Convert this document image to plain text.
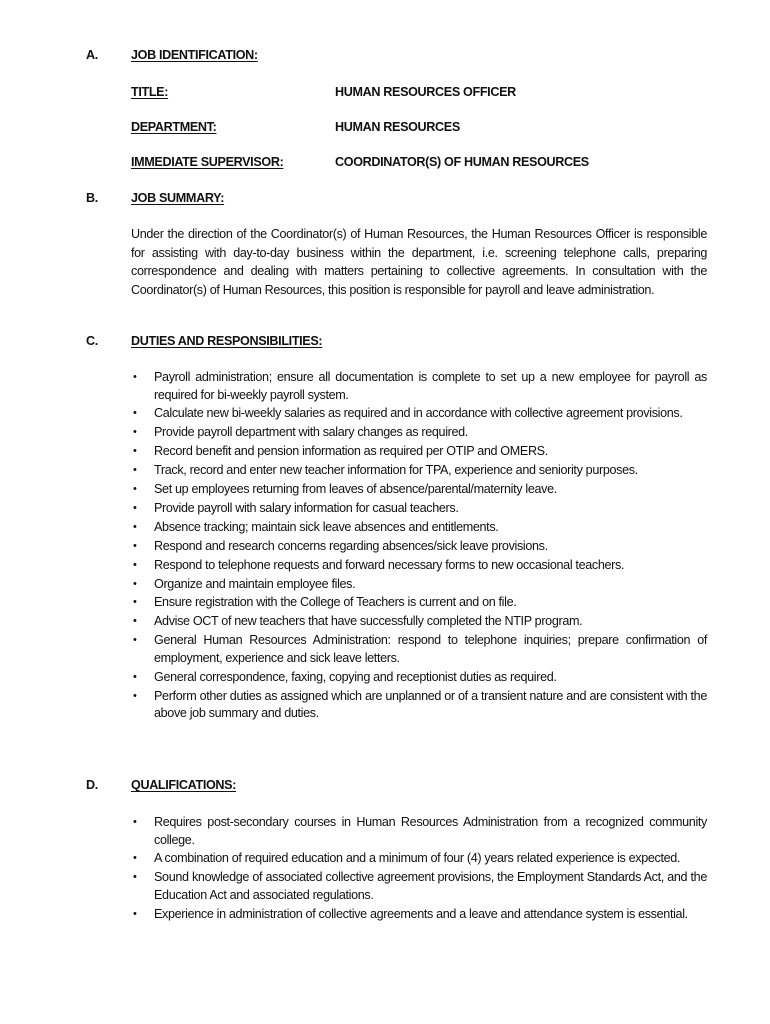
A.	JOB IDENTIFICATION:
TITLE:	HUMAN RESOURCES OFFICER
DEPARTMENT:	HUMAN RESOURCES
IMMEDIATE SUPERVISOR:	COORDINATOR(S) OF HUMAN RESOURCES
B.	JOB SUMMARY:

Under the direction of the Coordinator(s) of Human Resources, the Human Resources Officer is responsible for assisting with day-to-day business within the department, i.e. screening telephone calls, preparing correspondence and dealing with matters pertaining to collective agreements. In consultation with the Coordinator(s) of Human Resources, this position is responsible for payroll and leave administration.

C.	DUTIES AND RESPONSIBILITIES:
• Payroll administration; ensure all documentation is complete to set up a new employee for payroll as required for bi-weekly payroll system.
• Calculate new bi-weekly salaries as required and in accordance with collective agreement provisions.
• Provide payroll department with salary changes as required.
• Record benefit and pension information as required per OTIP and OMERS.
• Track, record and enter new teacher information for TPA, experience and seniority purposes.
• Set up employees returning from leaves of absence/parental/maternity leave.
• Provide payroll with salary information for casual teachers.
• Absence tracking; maintain sick leave absences and entitlements.
• Respond and research concerns regarding absences/sick leave provisions.
• Respond to telephone requests and forward necessary forms to new occasional teachers.
• Organize and maintain employee files.
• Ensure registration with the College of Teachers is current and on file.
• Advise OCT of new teachers that have successfully completed the NTIP program.
• General Human Resources Administration: respond to telephone inquiries; prepare confirmation of employment, experience and sick leave letters.
• General correspondence, faxing, copying and receptionist duties as required.
• Perform other duties as assigned which are unplanned or of a transient nature and are consistent with the above job summary and duties.
D.	QUALIFICATIONS:
• Requires post-secondary courses in Human Resources Administration from a recognized community college.
• A combination of required education and a minimum of four (4) years related experience is expected.
• Sound knowledge of associated collective agreement provisions, the Employment Standards Act, and the Education Act and associated regulations.
• Experience in administration of collective agreements and a leave and attendance system is essential.
